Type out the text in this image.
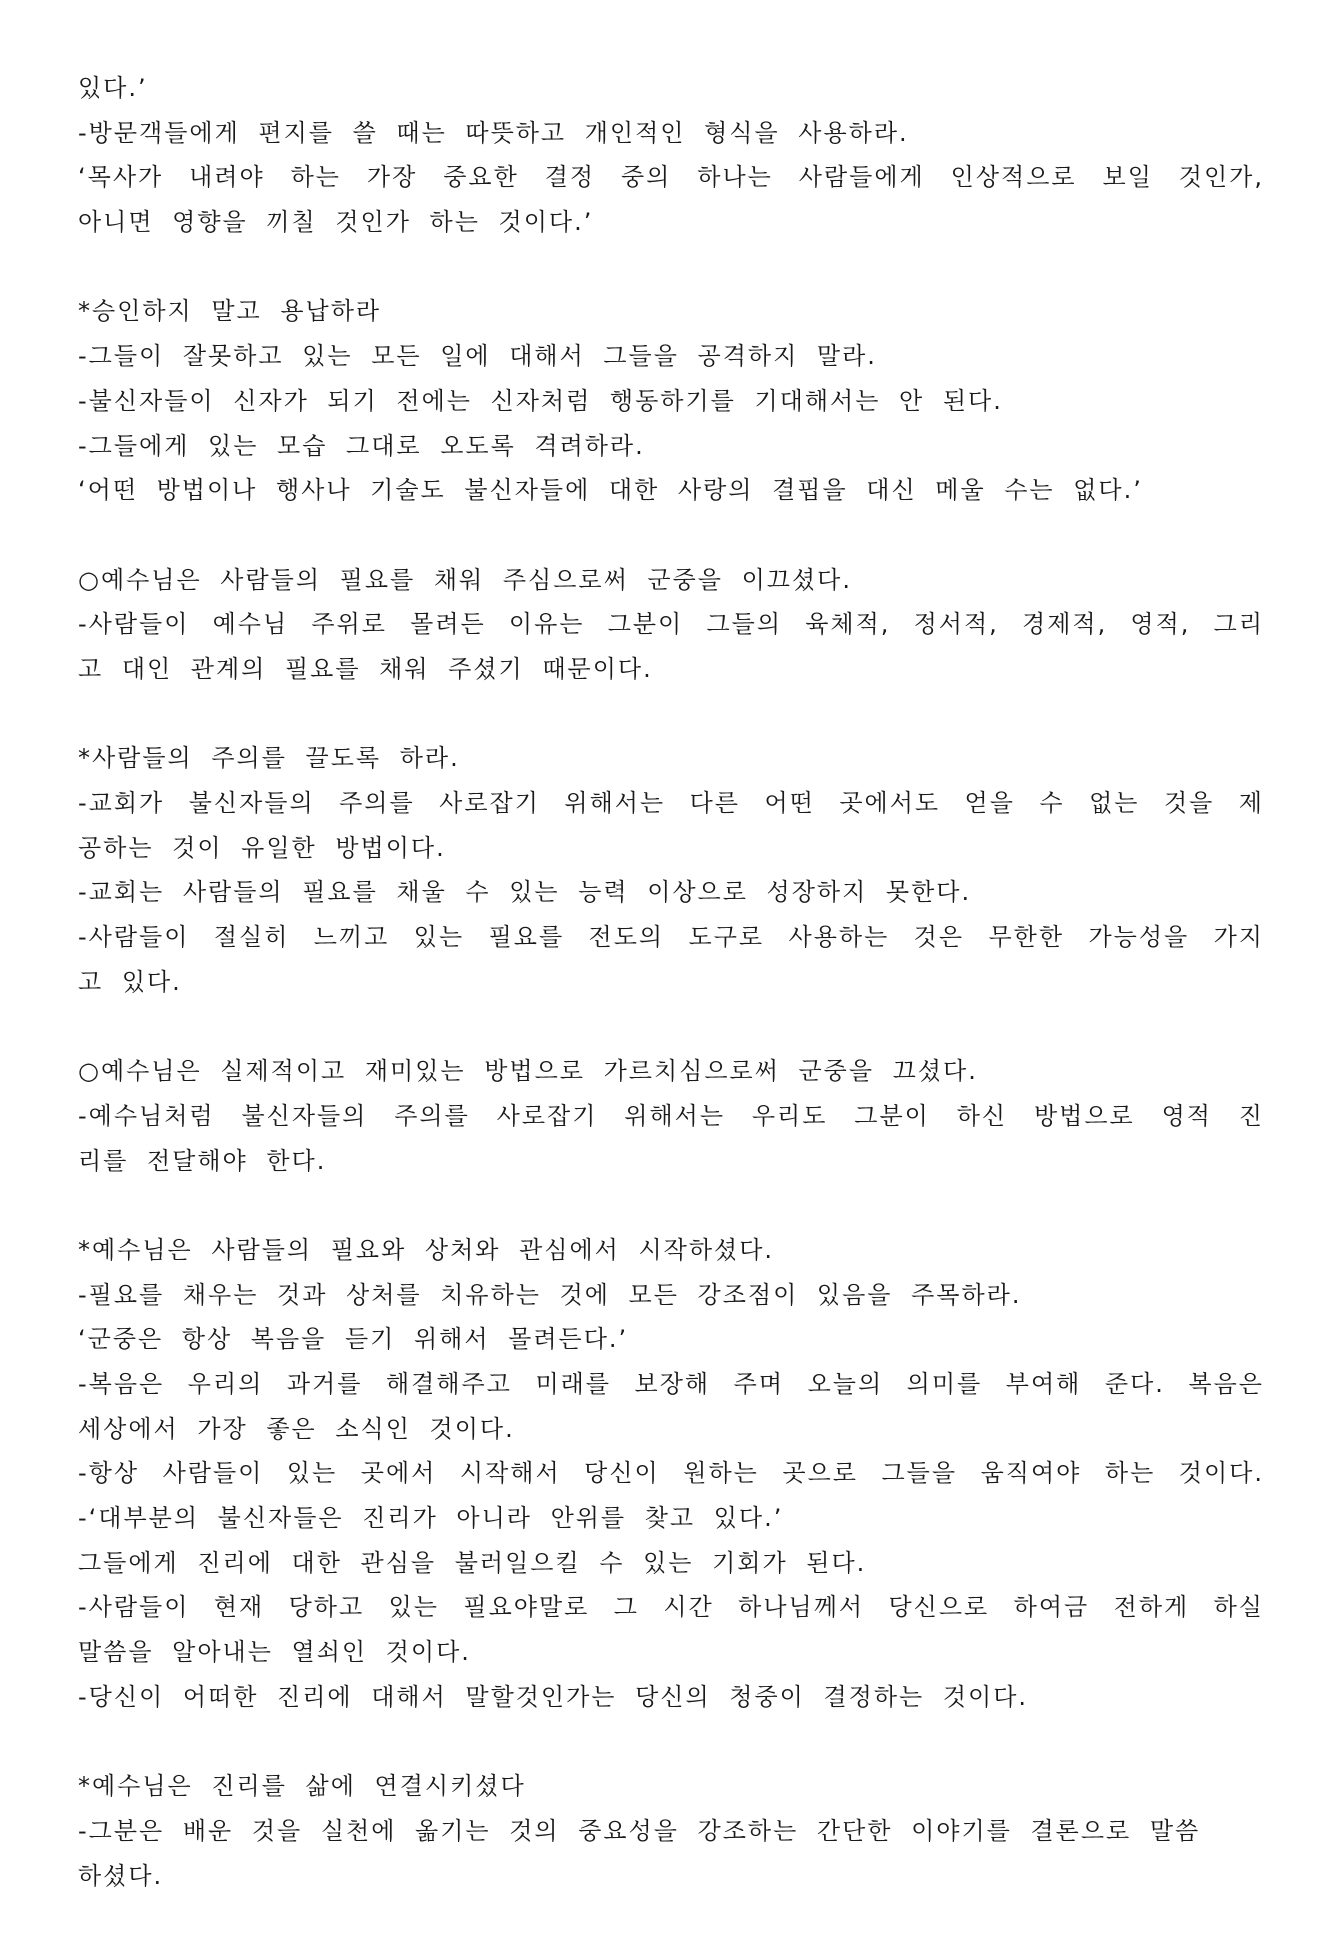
있다.’
-방문객들에게 편지를 쓸 때는 따뜻하고 개인적인 형식을 사용하라.
‘목사가 내려야 하는 가장 중요한 결정 중의 하나는 사람들에게 인상적으로 보일 것인가,
아니면 영향을 끼칠 것인가 하는 것이다.’
*승인하지 말고 용납하라
-그들이 잘못하고 있는 모든 일에 대해서 그들을 공격하지 말라.
-불신자들이 신자가 되기 전에는 신자처럼 행동하기를 기대해서는 안 된다.
-그들에게 있는 모습 그대로 오도록 격려하라.
‘어떤 방법이나 행사나 기술도 불신자들에 대한 사랑의 결핍을 대신 메울 수는 없다.’
○예수님은 사람들의 필요를 채워 주심으로써 군중을 이끄셨다.
-사람들이 예수님 주위로 몰려든 이유는 그분이 그들의 육체적, 정서적, 경제적, 영적, 그리
고 대인 관계의 필요를 채워 주셨기 때문이다.
*사람들의 주의를 끌도록 하라.
-교회가 불신자들의 주의를 사로잡기 위해서는 다른 어떤 곳에서도 얻을 수 없는 것을 제
공하는 것이 유일한 방법이다.
-교회는 사람들의 필요를 채울 수 있는 능력 이상으로 성장하지 못한다.
-사람들이 절실히 느끼고 있는 필요를 전도의 도구로 사용하는 것은 무한한 가능성을 가지
고 있다.
○예수님은 실제적이고 재미있는 방법으로 가르치심으로써 군중을 끄셨다.
-예수님처럼 불신자들의 주의를 사로잡기 위해서는 우리도 그분이 하신 방법으로 영적 진
리를 전달해야 한다.
*예수님은 사람들의 필요와 상처와 관심에서 시작하셨다.
-필요를 채우는 것과 상처를 치유하는 것에 모든 강조점이 있음을 주목하라.
‘군중은 항상 복음을 듣기 위해서 몰려든다.’
-복음은 우리의 과거를 해결해주고 미래를 보장해 주며 오늘의 의미를 부여해 준다. 복음은
세상에서 가장 좋은 소식인 것이다.
-항상 사람들이 있는 곳에서 시작해서 당신이 원하는 곳으로 그들을 움직여야 하는 것이다.
-‘대부분의 불신자들은 진리가 아니라 안위를 찾고 있다.’
그들에게 진리에 대한 관심을 불러일으킬 수 있는 기회가 된다.
-사람들이 현재 당하고 있는 필요야말로 그 시간 하나님께서 당신으로 하여금 전하게 하실
말씀을 알아내는 열쇠인 것이다.
-당신이 어떠한 진리에 대해서 말할것인가는 당신의 청중이 결정하는 것이다.
*예수님은 진리를 삶에 연결시키셨다
-그분은 배운 것을 실천에 옮기는 것의 중요성을 강조하는 간단한 이야기를 결론으로 말씀
하셨다.
